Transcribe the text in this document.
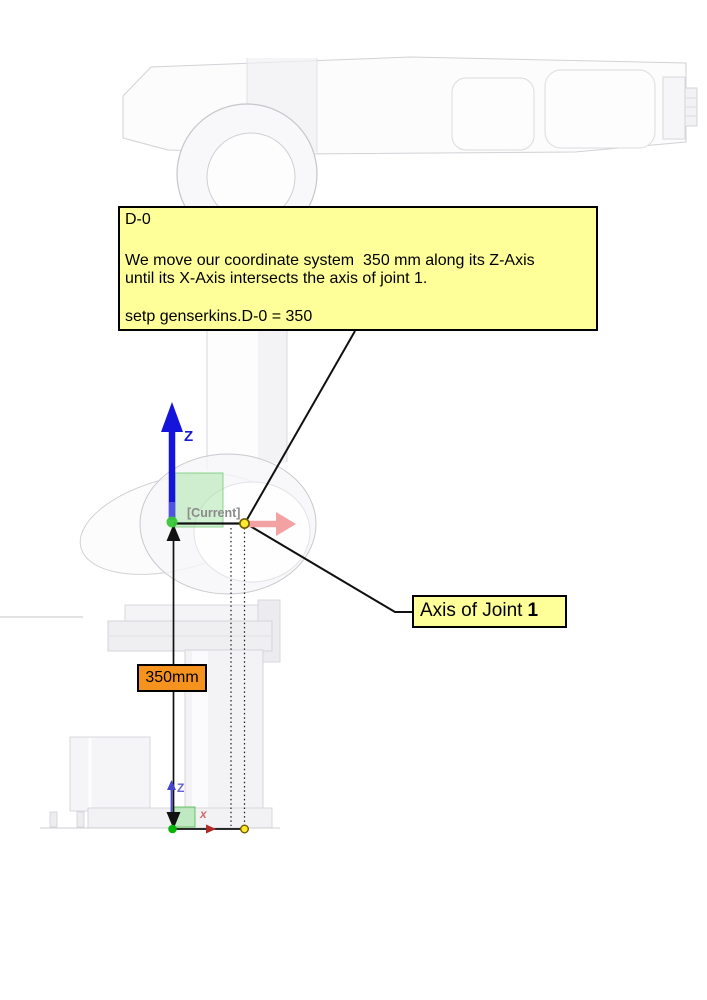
D-0
We move our coordinate system  350 mm along its Z-Axis
until its X-Axis intersects the axis of joint 1.
setp genserkins.D-0 = 350
Axis of Joint 1
350mm
[Current]
Z
Z
x
